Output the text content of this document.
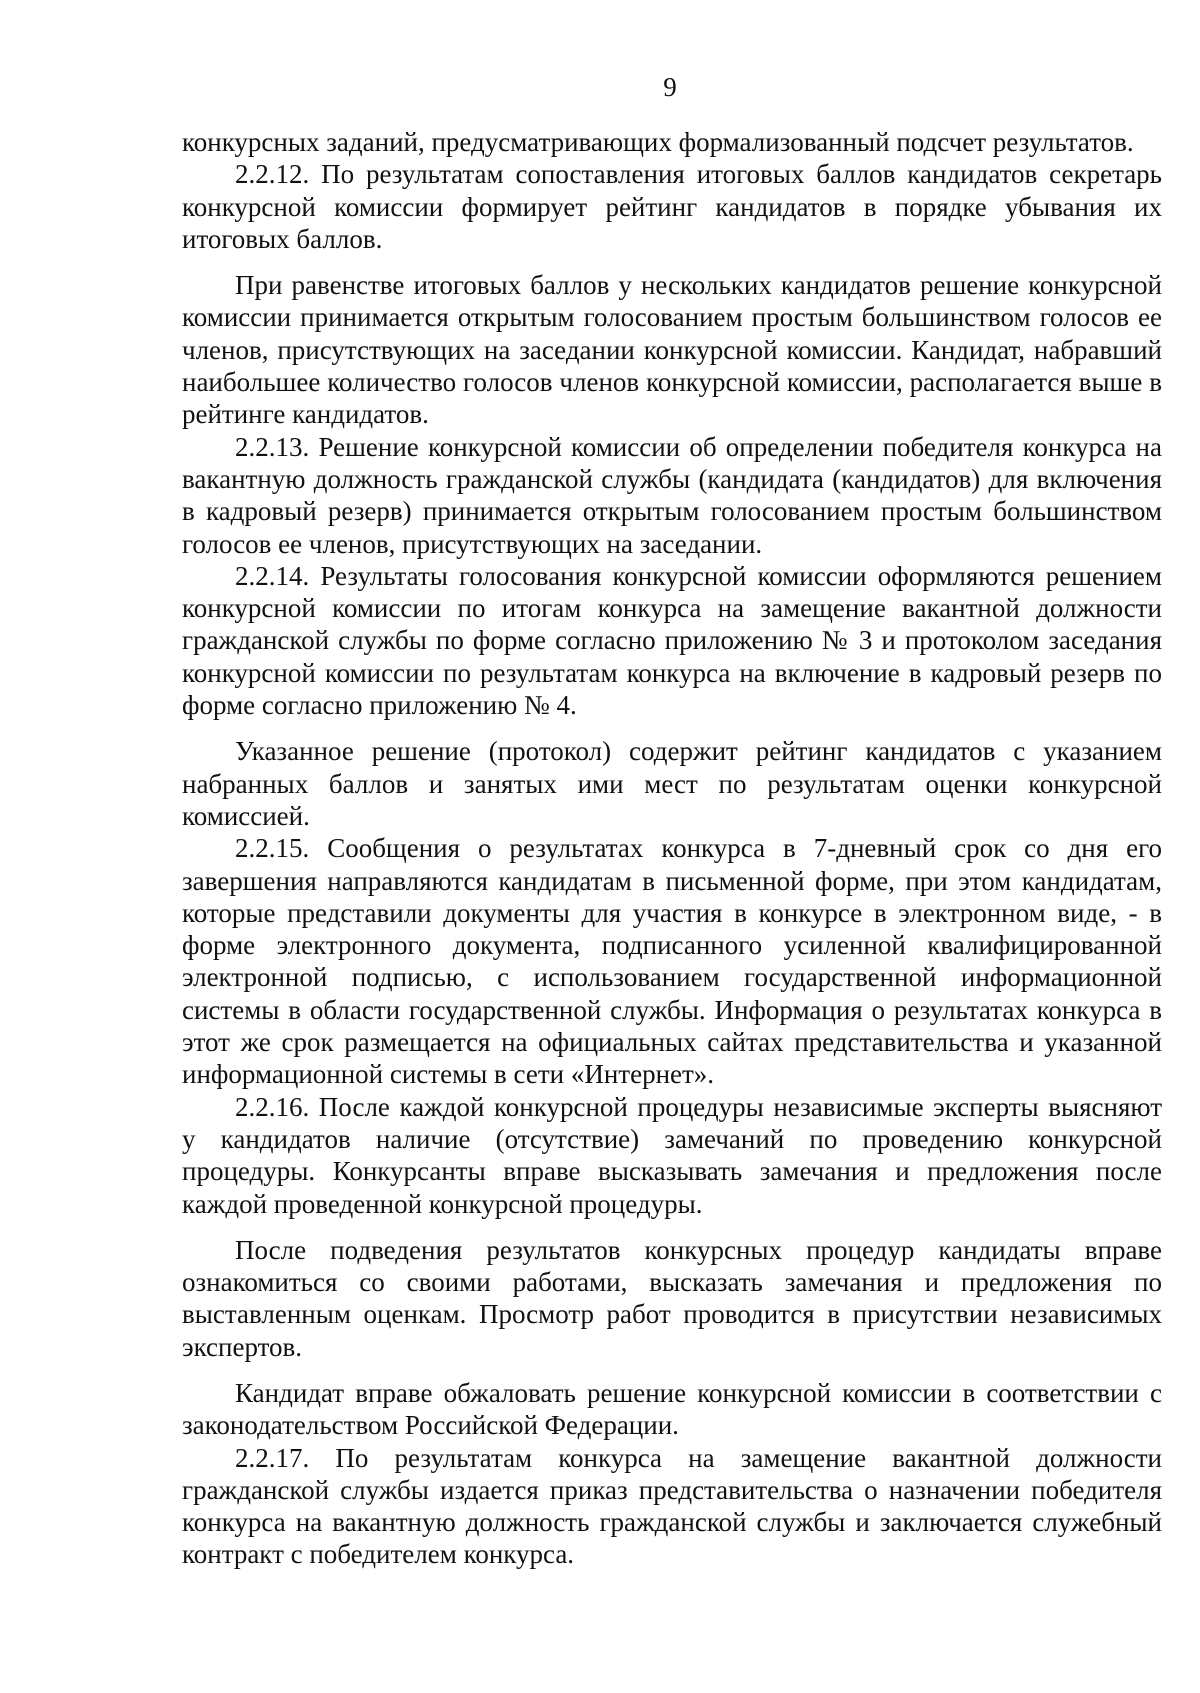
9

конкурсных заданий, предусматривающих формализованный подсчет результатов.

2.2.12. По результатам сопоставления итоговых баллов кандидатов секретарь конкурсной комиссии формирует рейтинг кандидатов в порядке убывания их итоговых баллов.

При равенстве итоговых баллов у нескольких кандидатов решение конкурсной комиссии принимается открытым голосованием простым большинством голосов ее членов, присутствующих на заседании конкурсной комиссии. Кандидат, набравший наибольшее количество голосов членов конкурсной комиссии, располагается выше в рейтинге кандидатов.

2.2.13. Решение конкурсной комиссии об определении победителя конкурса на вакантную должность гражданской службы (кандидата (кандидатов) для включения в кадровый резерв) принимается открытым голосованием простым большинством голосов ее членов, присутствующих на заседании.

2.2.14. Результаты голосования конкурсной комиссии оформляются решением конкурсной комиссии по итогам конкурса на замещение вакантной должности гражданской службы по форме согласно приложению № 3 и протоколом заседания конкурсной комиссии по результатам конкурса на включение в кадровый резерв по форме согласно приложению № 4.

Указанное решение (протокол) содержит рейтинг кандидатов с указанием набранных баллов и занятых ими мест по результатам оценки конкурсной комиссией.

2.2.15. Сообщения о результатах конкурса в 7-дневный срок со дня его завершения направляются кандидатам в письменной форме, при этом кандидатам, которые представили документы для участия в конкурсе в электронном виде, - в форме электронного документа, подписанного усиленной квалифицированной электронной подписью, с использованием государственной информационной системы в области государственной службы. Информация о результатах конкурса в этот же срок размещается на официальных сайтах представительства и указанной информационной системы в сети «Интернет».

2.2.16. После каждой конкурсной процедуры независимые эксперты выясняют у кандидатов наличие (отсутствие) замечаний по проведению конкурсной процедуры. Конкурсанты вправе высказывать замечания и предложения после каждой проведенной конкурсной процедуры.

После подведения результатов конкурсных процедур кандидаты вправе ознакомиться со своими работами, высказать замечания и предложения по выставленным оценкам. Просмотр работ проводится в присутствии независимых экспертов.

Кандидат вправе обжаловать решение конкурсной комиссии в соответствии с законодательством Российской Федерации.

2.2.17. По результатам конкурса на замещение вакантной должности гражданской службы издается приказ представительства о назначении победителя конкурса на вакантную должность гражданской службы и заключается служебный контракт с победителем конкурса.
